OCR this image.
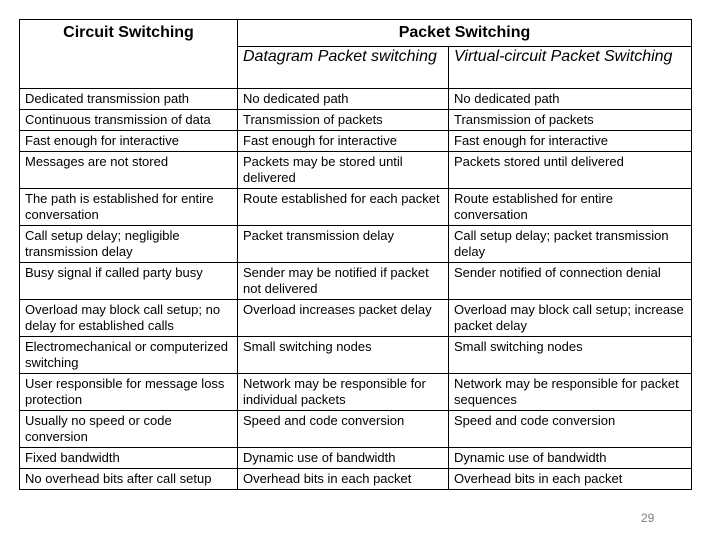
Circuit Switching	Packet Switching	
	Datagram Packet switching	Virtual-circuit Packet Switching
Dedicated transmission path	No dedicated path	No dedicated path
Continuous transmission of data	Transmission of packets	Transmission of packets
Fast enough for interactive	Fast enough for interactive	Fast enough for interactive
Messages are not stored	Packets may be stored until delivered	Packets stored until delivered
The path is established for entire conversation	Route established for each packet	Route established for entire conversation
Call setup delay; negligible transmission delay	Packet transmission delay	Call setup delay; packet transmission delay
Busy signal if called party busy	Sender may be notified if packet not delivered	Sender notified of connection denial
Overload may block call setup; no delay for established calls	Overload increases packet delay	Overload may block call setup; increase packet delay
Electromechanical or computerized switching	Small switching nodes	Small switching nodes
User responsible for message loss protection	Network may be responsible for individual packets	Network may be responsible for packet sequences
Usually no speed or code conversion	Speed and code conversion	Speed and code conversion
Fixed bandwidth	Dynamic use of bandwidth	Dynamic use of bandwidth
No overhead bits after call setup	Overhead bits in each packet	Overhead bits in each packet
29
